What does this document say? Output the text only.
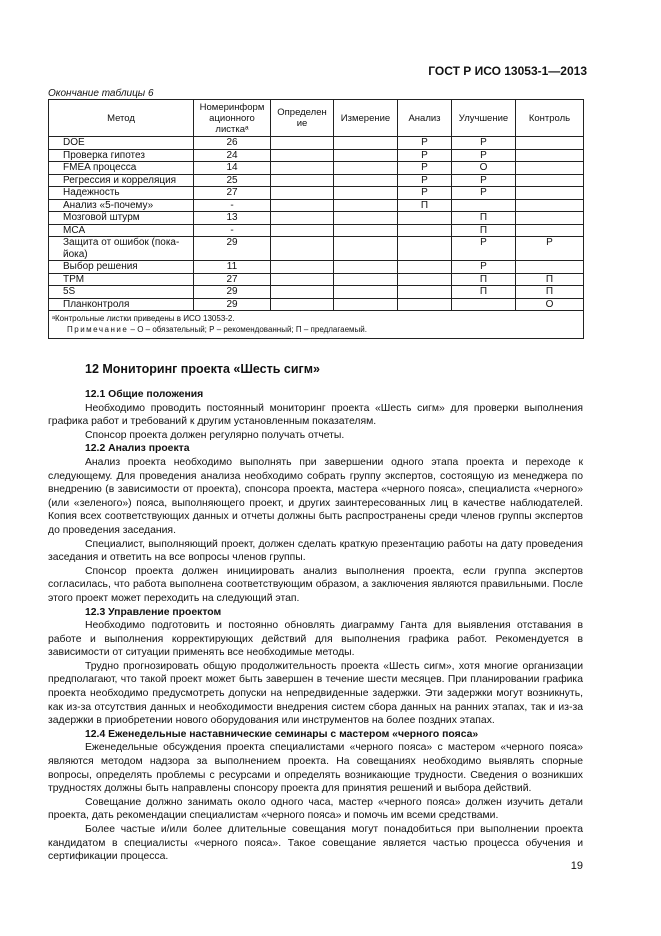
ГОСТ Р ИСО 13053-1—2013
Окончание таблицы 6
Метод	Номеринформ ационного листкаᵃ	Определен ие	Измерение	Анализ	Улучшение	Контроль
DOE	26			Р	Р	
Проверка гипотез	24			Р	Р	
FMEA процесса	14			Р	О	
Регрессия и корреляция	25			Р	Р	
Надежность	27			Р	Р	
Анализ «5-почему»	-			П		
Мозговой штурм	13				П	
MCA	-				П	
Защита от ошибок (пока-йока)	29				Р	Р
Выбор решения	11				Р	
TPM	27				П	П
5S	29				П	П
Планконтроля	29					О

ᵃКонтрольные листки приведены в ИСО 13053-2.
Примечание – О – обязательный; Р – рекомендованный; П – предлагаемый.						
12 Мониторинг проекта «Шесть сигм»

12.1 Общие положения

Необходимо проводить постоянный мониторинг проекта «Шесть сигм» для проверки выполнения графика работ и требований к другим установленным показателям.

Спонсор проекта должен регулярно получать отчеты.

12.2 Анализ проекта

Анализ проекта необходимо выполнять при завершении одного этапа проекта и переходе к следующему. Для проведения анализа необходимо собрать группу экспертов, состоящую из менеджера по внедрению (в зависимости от проекта), спонсора проекта, мастера «черного пояса», специалиста «черного» (или «зеленого») пояса, выполняющего проект, и других заинтересованных лиц в качестве наблюдателей. Копия всех соответствующих данных и отчеты должны быть распространены среди членов группы экспертов до проведения заседания.

Специалист, выполняющий проект, должен сделать краткую презентацию работы на дату проведения заседания и ответить на все вопросы членов группы.

Спонсор проекта должен инициировать анализ выполнения проекта, если группа экспертов согласилась, что работа выполнена соответствующим образом, а заключения являются правильными. После этого проект может переходить на следующий этап.

12.3 Управление проектом

Необходимо подготовить и постоянно обновлять диаграмму Ганта для выявления отставания в работе и выполнения корректирующих действий для выполнения графика работ. Рекомендуется в зависимости от ситуации применять все необходимые методы.

Трудно прогнозировать общую продолжительность проекта «Шесть сигм», хотя многие организации предполагают, что такой проект может быть завершен в течение шести месяцев. При планировании графика проекта необходимо предусмотреть допуски на непредвиденные задержки. Эти задержки могут возникнуть, как из-за отсутствия данных и необходимости внедрения систем сбора данных на ранних этапах, так и из-за задержки в приобретении нового оборудования или инструментов на более поздних этапах.

12.4 Еженедельные наставнические семинары с мастером «черного пояса»

Еженедельные обсуждения проекта специалистами «черного пояса» с мастером «черного пояса» являются методом надзора за выполнением проекта. На совещаниях необходимо выявлять спорные вопросы, определять проблемы с ресурсами и определять возникающие трудности. Сведения о возникших трудностях должны быть направлены спонсору проекта для принятия решений и выбора действий.

Совещание должно занимать около одного часа, мастер «черного пояса» должен изучить детали проекта, дать рекомендации специалистам «черного пояса» и помочь им всеми средствами.

Более частые и/или более длительные совещания могут понадобиться при выполнении проекта кандидатом в специалисты «черного пояса». Такое совещание является частью процесса обучения и сертификации процесса.

19
